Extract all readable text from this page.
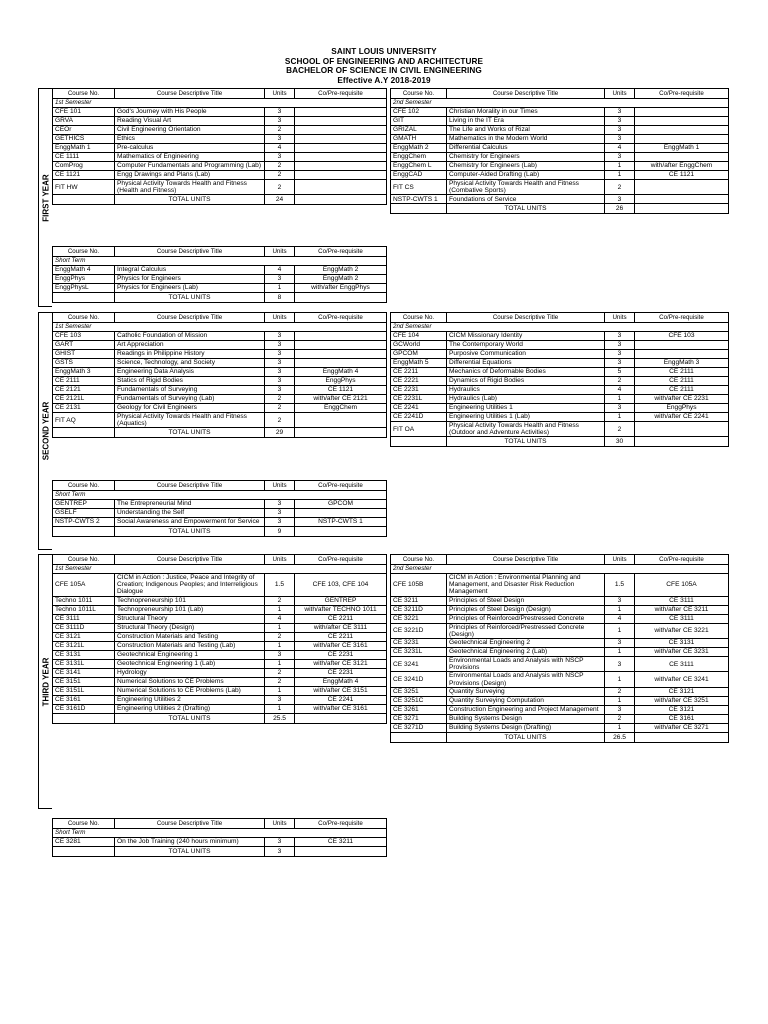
SAINT LOUIS UNIVERSITY
SCHOOL OF ENGINEERING AND ARCHITECTURE
BACHELOR OF SCIENCE IN CIVIL ENGINEERING
Effective A.Y 2018-2019
FIRST YEAR
SECOND YEAR
THIRD YEAR
Course No.	Course Descriptive Title	Units	Co/Pre-requisite
1st Semester			
CFE 101	God's Journey with His People	3	
GRVA	Reading Visual Art	3	
CEOr	Civil Engineering Orientation	2	
GETHICS	Ethics	3	
EnggMath 1	Pre-calculus	4	
CE 1111	Mathematics of Engineering	3	
ComProg	Computer Fundamentals and Programming (Lab)	2	
CE 1121	Engg Drawings and Plans (Lab)	2	
FIT HW	Physical Activity Towards Health and Fitness (Health and Fitness)	2	
	TOTAL UNITS	24	
Course No.	Course Descriptive Title	Units	Co/Pre-requisite
2nd Semester			
CFE 102	Christian Morality in our Times	3	
GIT	Living in the IT Era	3	
GRIZAL	The Life and Works of Rizal	3	
GMATH	Mathematics in the Modern World	3	
EnggMath 2	Differential Calculus	4	EnggMath 1
EnggChem	Chemistry for Engineers	3	
EnggChem L	Chemistry for Engineers (Lab)	1	with/after EnggChem
EnggCAD	Computer-Aided Drafting (Lab)	1	CE 1121
FIT CS	Physical Activity Towards Health and Fitness (Combative Sports)	2	
NSTP-CWTS 1	Foundations of Service	3	
	TOTAL UNITS	26	
Course No.	Course Descriptive Title	Units	Co/Pre-requisite
Short Term			
EnggMath 4	Integral Calculus	4	EnggMath 2
EnggPhys	Physics for Engineers	3	EnggMath 2
EnggPhysL	Physics for Engineers (Lab)	1	with/after EnggPhys
	TOTAL UNITS	8	
Course No.	Course Descriptive Title	Units	Co/Pre-requisite
1st Semester			
CFE 103	Catholic Foundation of Mission	3	
GART	Art Appreciation	3	
GHIST	Readings in Philippine History	3	
GSTS	Science, Technology, and Society	3	
EnggMath 3	Engineering Data Analysis	3	EnggMath 4
CE 2111	Statics of Rigid Bodies	3	EnggPhys
CE 2121	Fundamentals of Surveying	3	CE 1121
CE 2121L	Fundamentals of Surveying (Lab)	2	with/after CE 2121
CE 2131	Geology for Civil Engineers	2	EnggChem
FIT AQ	Physical Activity Towards Health and Fitness (Aquatics)	2	
	TOTAL UNITS	29	
Course No.	Course Descriptive Title	Units	Co/Pre-requisite
2nd Semester			
CFE 104	CICM Missionary Identity	3	CFE 103
GCWorld	The Contemporary World	3	
GPCOM	Purposive Communication	3	
EnggMath 5	Differential Equations	3	EnggMath 3
CE 2211	Mechanics of Deformable Bodies	5	CE 2111
CE 2221	Dynamics of Rigid Bodies	2	CE 2111
CE 2231	Hydraulics	4	CE 2111
CE 2231L	Hydraulics (Lab)	1	with/after CE 2231
CE 2241	Engineering Utilities 1	3	EnggPhys
CE 2241D	Engineering Utilities 1 (Lab)	1	with/after CE 2241
FIT OA	Physical Activity Towards Health and Fitness (Outdoor and Adventure Activities)	2	
	TOTAL UNITS	30	
Course No.	Course Descriptive Title	Units	Co/Pre-requisite
Short Term			
GENTREP	The Entrepreneurial Mind	3	GPCOM
GSELF	Understanding the Self	3	
NSTP-CWTS 2	Social Awareness and Empowerment for Service	3	NSTP-CWTS 1
	TOTAL UNITS	9	
Course No.	Course Descriptive Title	Units	Co/Pre-requisite
1st Semester			
CFE 105A	CICM in Action : Justice, Peace and Integrity of Creation; Indigenous Peoples; and Interreligious Dialogue	1.5	CFE 103, CFE 104
Techno 1011	Technopreneurship 101	2	GENTREP
Techno 1011L	Technopreneurship 101 (Lab)	1	with/after TECHNO 1011
CE 3111	Structural Theory	4	CE 2211
CE 3111D	Structural Theory (Design)	1	with/after CE 3111
CE 3121	Construction Materials and Testing	2	CE 2211
CE 3121L	Construction Materials and Testing (Lab)	1	with/after CE 3161
CE 3131	Geotechnical Engineering 1	3	CE 2231
CE 3131L	Geotechnical Engineering 1 (Lab)	1	with/after CE 3121
CE 3141	Hydrology	2	CE 2231
CE 3151	Numerical Solutions to CE Problems	2	EnggMath 4
CE 3151L	Numerical Solutions to CE Problems (Lab)	1	with/after CE 3151
CE 3161	Engineering Utilities 2	3	CE 2241
CE 3161D	Engineering Utilities 2 (Drafting)	1	with/after CE 3161
	TOTAL UNITS	25.5	
Course No.	Course Descriptive Title	Units	Co/Pre-requisite
2nd Semester			
CFE 105B	CICM in Action : Environmental Planning and Management, and Disaster Risk Reduction Management	1.5	CFE 105A
CE 3211	Principles of Steel Design	3	CE 3111
CE 3211D	Principles of Steel Design (Design)	1	with/after CE 3211
CE 3221	Principles of Reinforced/Prestressed Concrete	4	CE 3111
CE 3221D	Principles of Reinforced/Prestressed Concrete (Design)	1	with/after CE 3221
CE 3231	Geotechnical Engineering 2	3	CE 3131
CE 3231L	Geotechnical Engineering 2 (Lab)	1	with/after CE 3231
CE 3241	Environmental Loads and Analysis with NSCP Provisions	3	CE 3111
CE 3241D	Environmental Loads and Analysis with NSCP Provisions (Design)	1	with/after CE 3241
CE 3251	Quantity Surveying	2	CE 3121
CE 3251C	Quantity Surveying Computation	1	with/after CE 3251
CE 3261	Construction Engineering and Project Management	3	CE 3121
CE 3271	Building Systems Design	2	CE 3161
CE 3271D	Building Systems Design (Drafting)	1	with/after CE 3271
	TOTAL UNITS	26.5	
Course No.	Course Descriptive Title	Units	Co/Pre-requisite
Short Term			
CE 3281	On the Job Training (240 hours minimum)	3	CE 3211
	TOTAL UNITS	3	
